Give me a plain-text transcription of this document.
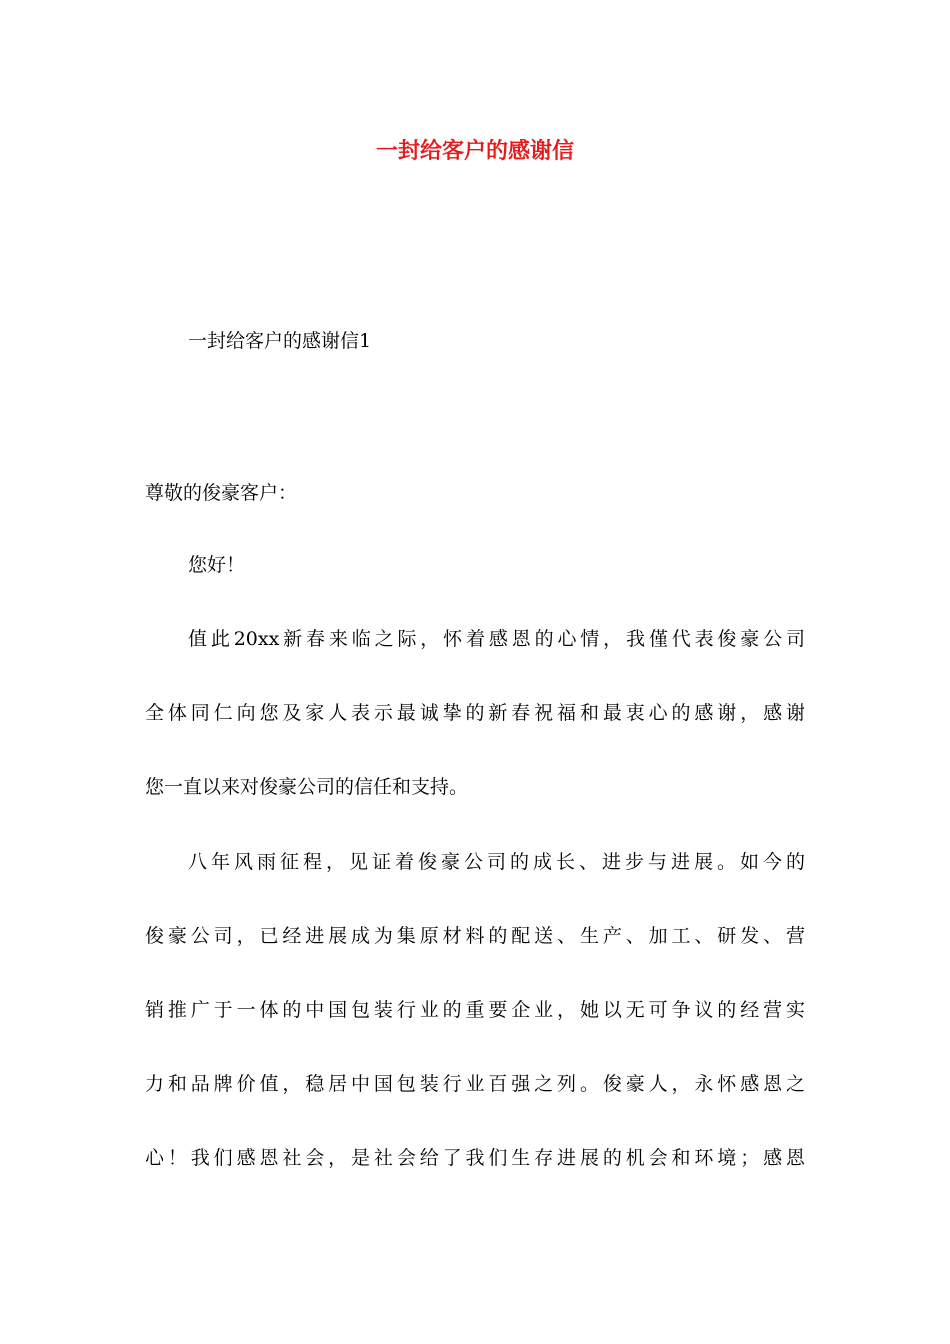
一封给客户的感谢信

一封给客户的感谢信1

尊敬的俊豪客户：

您好！

值此20xx新春来临之际，怀着感恩的心情，我僅代表俊豪公司
全体同仁向您及家人表示最诚挚的新春祝福和最衷心的感谢，感谢
您一直以来对俊豪公司的信任和支持。
八年风雨征程，见证着俊豪公司的成长、进步与进展。如今的
俊豪公司，已经进展成为集原材料的配送、生产、加工、研发、营
销推广于一体的中国包装行业的重要企业，她以无可争议的经营实
力和品牌价值，稳居中国包装行业百强之列。俊豪人，永怀感恩之
心！我们感恩社会，是社会给了我们生存进展的机会和环境；感恩
